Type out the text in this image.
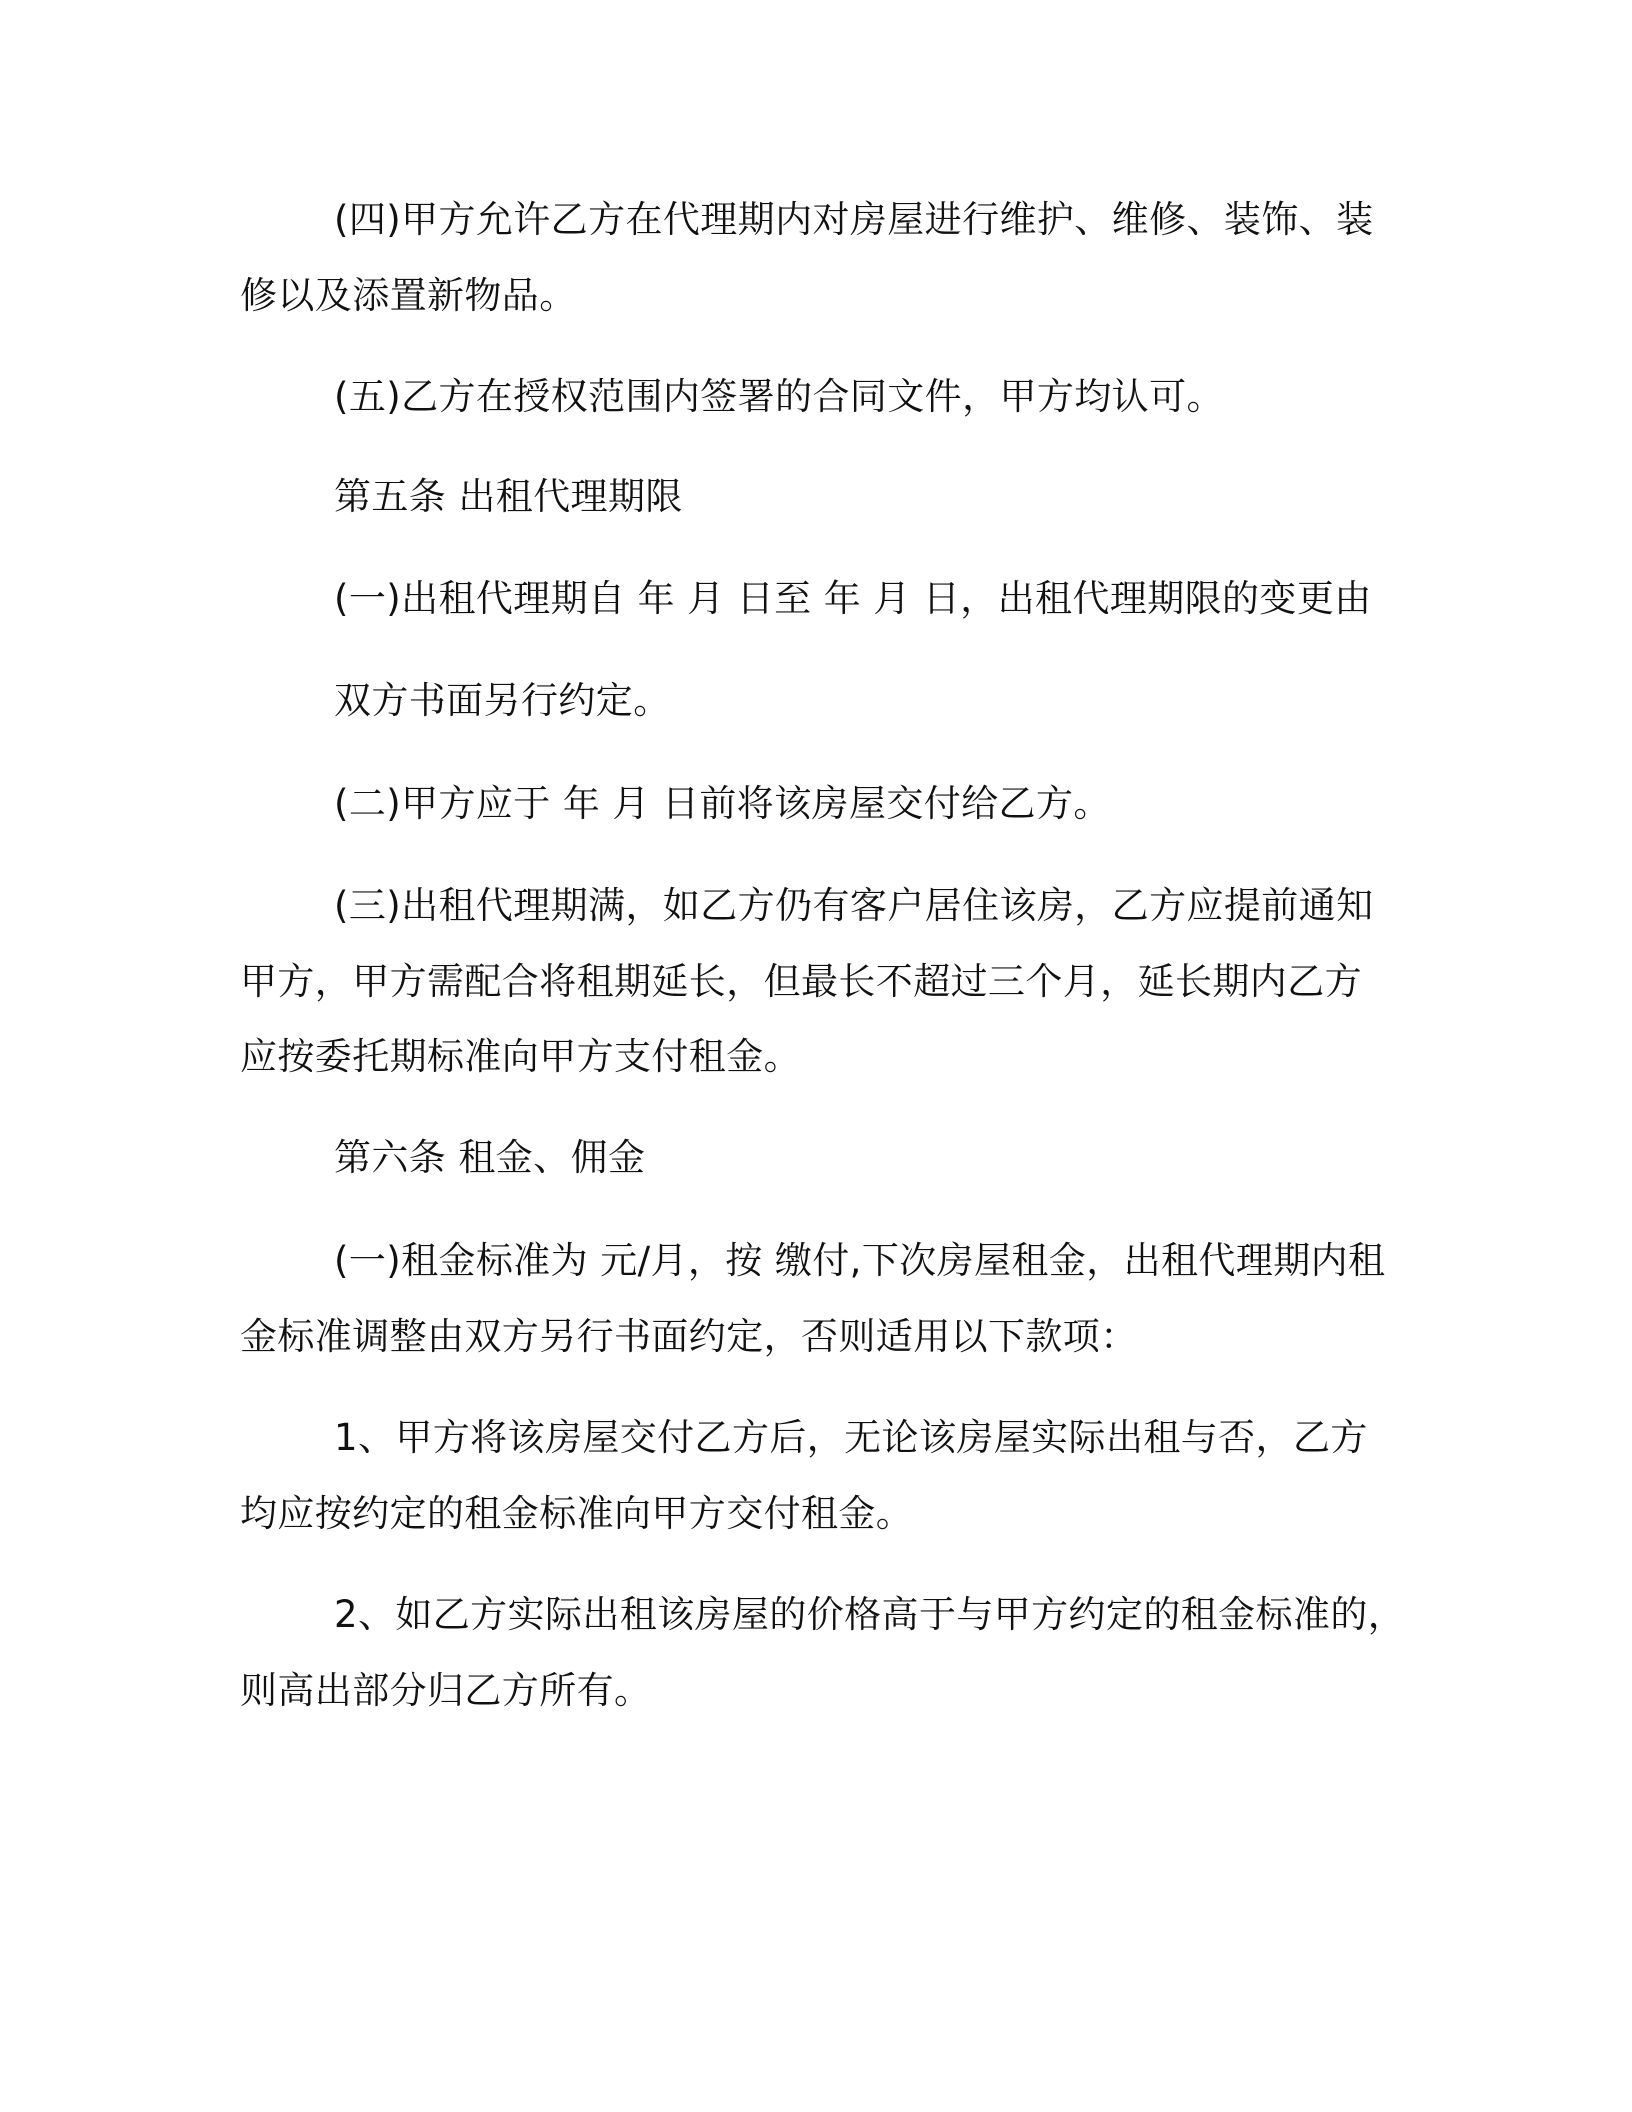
(四)甲方允许乙方在代理期内对房屋进行维护、维修、装饰、装
修以及添置新物品。
(五)乙方在授权范围内签署的合同文件，甲方均认可。
第五条 出租代理期限
(一)出租代理期自 年 月 日至 年 月 日，出租代理期限的变更由
双方书面另行约定。
(二)甲方应于 年 月 日前将该房屋交付给乙方。
(三)出租代理期满，如乙方仍有客户居住该房，乙方应提前通知
甲方，甲方需配合将租期延长，但最长不超过三个月，延长期内乙方
应按委托期标准向甲方支付租金。
第六条 租金、佣金
(一)租金标准为 元/月，按 缴付,下次房屋租金，出租代理期内租
金标准调整由双方另行书面约定，否则适用以下款项：
1、甲方将该房屋交付乙方后，无论该房屋实际出租与否，乙方
均应按约定的租金标准向甲方交付租金。
2、如乙方实际出租该房屋的价格高于与甲方约定的租金标准的，
则高出部分归乙方所有。
